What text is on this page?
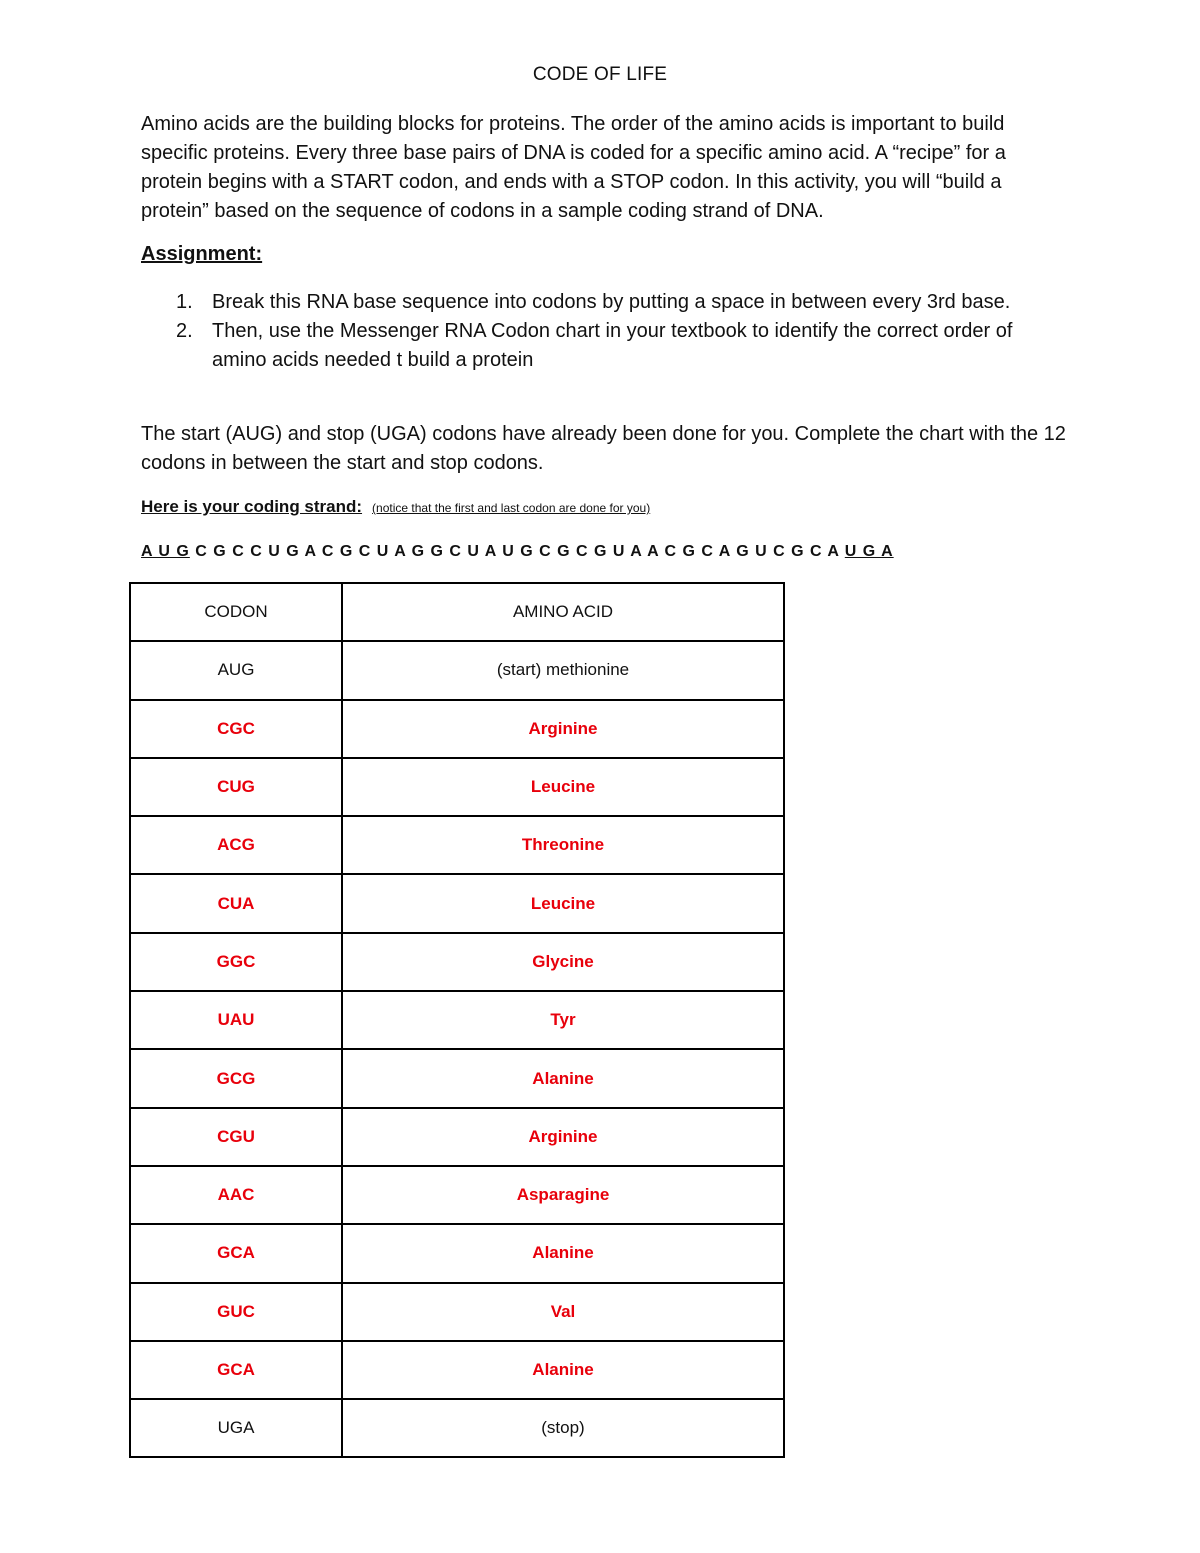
CODE OF LIFE

Amino acids are the building blocks for proteins. The order of the amino acids is important to build specific proteins. Every three base pairs of DNA is coded for a specific amino acid. A “recipe” for a protein begins with a START codon, and ends with a STOP codon. In this activity, you will “build a protein” based on the sequence of codons in a sample coding strand of DNA.

Assignment:

1. Break this RNA base sequence into codons by putting a space in between every 3rd base.
2. Then, use the Messenger RNA Codon chart in your textbook to identify the correct order of amino acids needed t build a protein

The start (AUG) and stop (UGA) codons have already been done for you. Complete the chart with the 12 codons in between the start and stop codons.

Here is your coding strand: (notice that the first and last codon are done for you)

A U G C G C C U G A C G C U A G G C U A U G C G C G U A A C G C A G U C G C A U G A

CODON	AMINO ACID
AUG	(start) methionine
CGC	Arginine
CUG	Leucine
ACG	Threonine
CUA	Leucine
GGC	Glycine
UAU	Tyr
GCG	Alanine
CGU	Arginine
AAC	Asparagine
GCA	Alanine
GUC	Val
GCA	Alanine
UGA	(stop)
